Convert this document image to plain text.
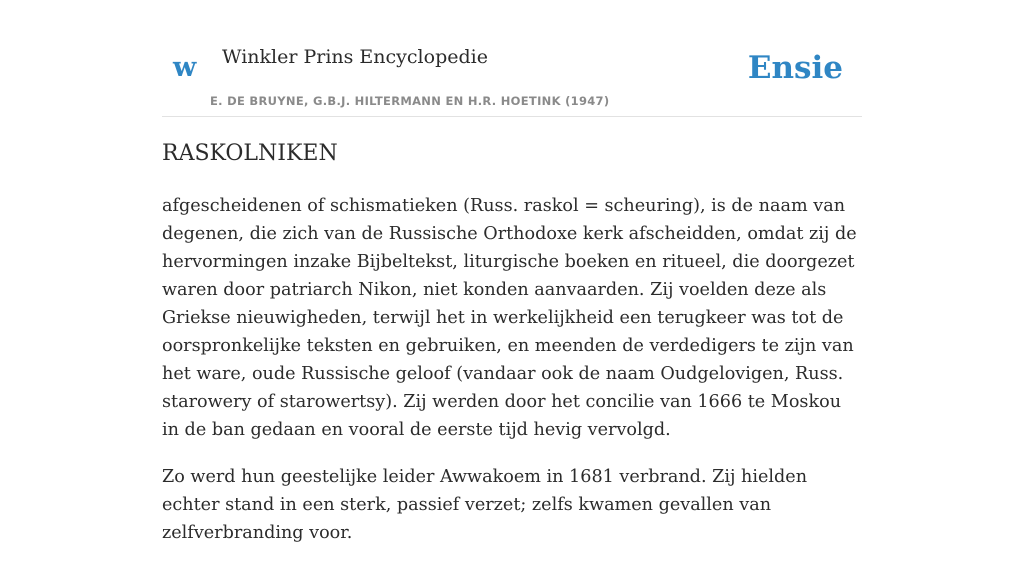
w Winkler Prins Encyclopedie
E. DE BRUYNE, G.B.J. HILTERMANN EN H.R. HOETINK (1947)
Ensie
RASKOLNIKEN

afgescheidenen of schismatieken (Russ. raskol = scheuring), is de naam van degenen, die zich van de Russische Orthodoxe kerk afscheidden, omdat zij de hervormingen inzake Bijbeltekst, liturgische boeken en ritueel, die doorgezet waren door patriarch Nikon, niet konden aanvaarden. Zij voelden deze als Griekse nieuwigheden, terwijl het in werkelijkheid een terugkeer was tot de oorspronkelijke teksten en gebruiken, en meenden de verdedigers te zijn van het ware, oude Russische geloof (vandaar ook de naam Oudgelovigen, Russ. starowery of starowertsy). Zij werden door het concilie van 1666 te Moskou in de ban gedaan en vooral de eerste tijd hevig vervolgd.

Zo werd hun geestelijke leider Awwakoem in 1681 verbrand. Zij hielden echter stand in een sterk, passief verzet; zelfs kwamen gevallen van zelfverbranding voor.
